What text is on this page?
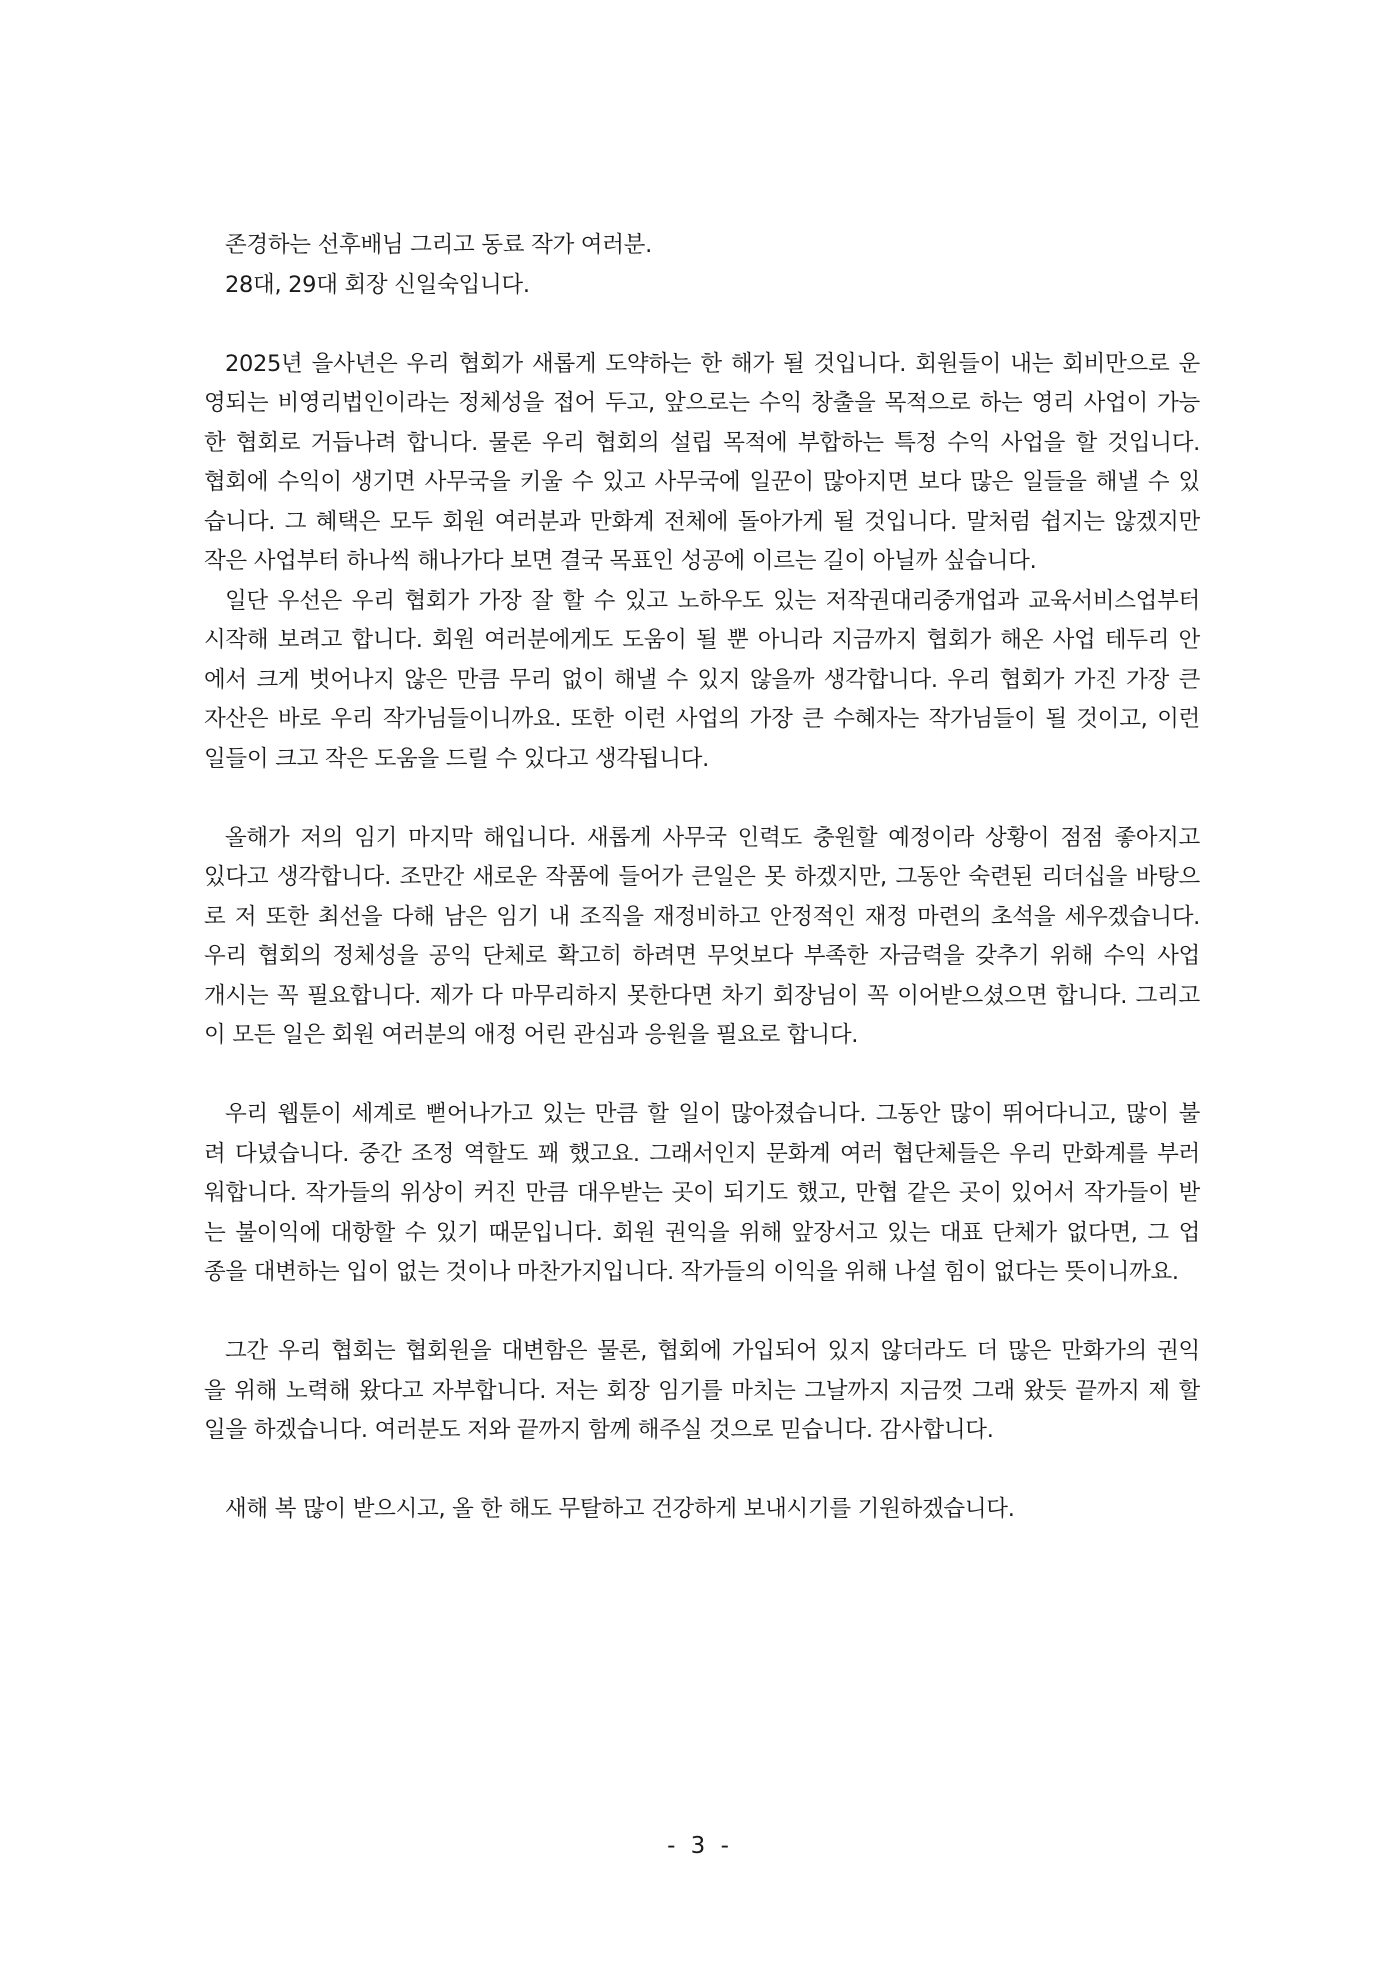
존경하는 선후배님 그리고 동료 작가 여러분.
28대, 29대 회장 신일숙입니다.
2025년 을사년은 우리 협회가 새롭게 도약하는 한 해가 될 것입니다. 회원들이 내는 회비만으로 운
영되는 비영리법인이라는 정체성을 접어 두고, 앞으로는 수익 창출을 목적으로 하는 영리 사업이 가능
한 협회로 거듭나려 합니다. 물론 우리 협회의 설립 목적에 부합하는 특정 수익 사업을 할 것입니다.
협회에 수익이 생기면 사무국을 키울 수 있고 사무국에 일꾼이 많아지면 보다 많은 일들을 해낼 수 있
습니다. 그 혜택은 모두 회원 여러분과 만화계 전체에 돌아가게 될 것입니다. 말처럼 쉽지는 않겠지만
작은 사업부터 하나씩 해나가다 보면 결국 목표인 성공에 이르는 길이 아닐까 싶습니다.
일단 우선은 우리 협회가 가장 잘 할 수 있고 노하우도 있는 저작권대리중개업과 교육서비스업부터
시작해 보려고 합니다. 회원 여러분에게도 도움이 될 뿐 아니라 지금까지 협회가 해온 사업 테두리 안
에서 크게 벗어나지 않은 만큼 무리 없이 해낼 수 있지 않을까 생각합니다. 우리 협회가 가진 가장 큰
자산은 바로 우리 작가님들이니까요. 또한 이런 사업의 가장 큰 수혜자는 작가님들이 될 것이고, 이런
일들이 크고 작은 도움을 드릴 수 있다고 생각됩니다.
올해가 저의 임기 마지막 해입니다. 새롭게 사무국 인력도 충원할 예정이라 상황이 점점 좋아지고
있다고 생각합니다. 조만간 새로운 작품에 들어가 큰일은 못 하겠지만, 그동안 숙련된 리더십을 바탕으
로 저 또한 최선을 다해 남은 임기 내 조직을 재정비하고 안정적인 재정 마련의 초석을 세우겠습니다.
우리 협회의 정체성을 공익 단체로 확고히 하려면 무엇보다 부족한 자금력을 갖추기 위해 수익 사업
개시는 꼭 필요합니다. 제가 다 마무리하지 못한다면 차기 회장님이 꼭 이어받으셨으면 합니다. 그리고
이 모든 일은 회원 여러분의 애정 어린 관심과 응원을 필요로 합니다.
우리 웹툰이 세계로 뻗어나가고 있는 만큼 할 일이 많아졌습니다. 그동안 많이 뛰어다니고, 많이 불
려 다녔습니다. 중간 조정 역할도 꽤 했고요. 그래서인지 문화계 여러 협단체들은 우리 만화계를 부러
워합니다. 작가들의 위상이 커진 만큼 대우받는 곳이 되기도 했고, 만협 같은 곳이 있어서 작가들이 받
는 불이익에 대항할 수 있기 때문입니다. 회원 권익을 위해 앞장서고 있는 대표 단체가 없다면, 그 업
종을 대변하는 입이 없는 것이나 마찬가지입니다. 작가들의 이익을 위해 나설 힘이 없다는 뜻이니까요.
그간 우리 협회는 협회원을 대변함은 물론, 협회에 가입되어 있지 않더라도 더 많은 만화가의 권익
을 위해 노력해 왔다고 자부합니다. 저는 회장 임기를 마치는 그날까지 지금껏 그래 왔듯 끝까지 제 할
일을 하겠습니다. 여러분도 저와 끝까지 함께 해주실 것으로 믿습니다. 감사합니다.
새해 복 많이 받으시고, 올 한 해도 무탈하고 건강하게 보내시기를 기원하겠습니다.
- 3 -
